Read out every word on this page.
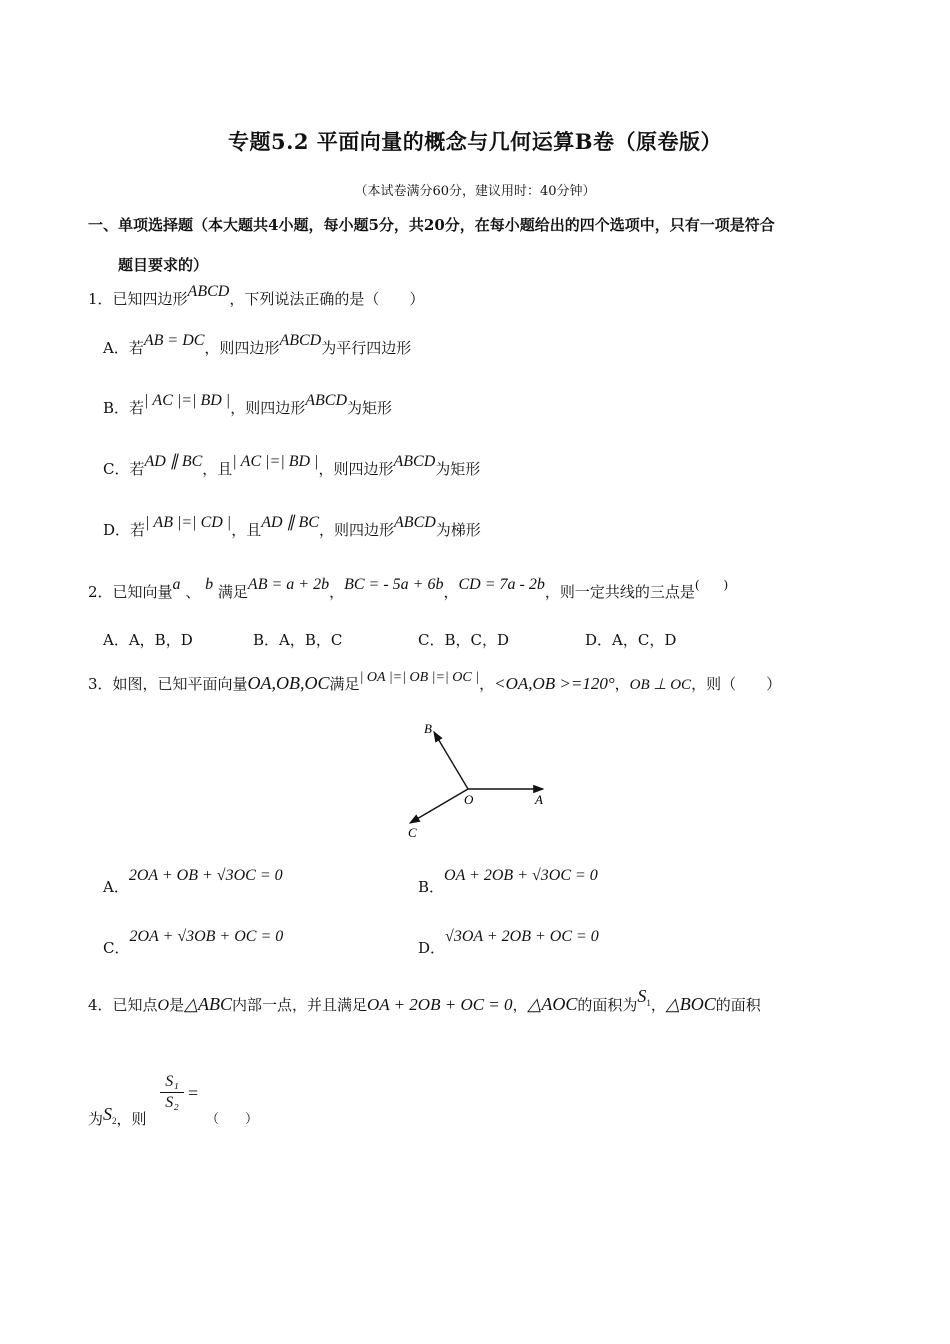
专题5.2 平面向量的概念与几何运算B卷（原卷版）
（本试卷满分60分，建议用时：40分钟）
一、单项选择题（本大题共4小题，每小题5分，共20分，在每小题给出的四个选项中，只有一项是符合
题目要求的）
1．已知四边形ABCD，下列说法正确的是（　　）
A．若AB = DC，则四边形ABCD为平行四边形
B．若| AC |=| BD |，则四边形ABCD为矩形
C．若AD ∥ BC，且| AC |=| BD |，则四边形ABCD为矩形
D．若| AB |=| CD |，且AD ∥ BC，则四边形ABCD为梯形
2．已知向量a 、 b 满足AB = a + 2b，BC = - 5a + 6b，CD = 7a - 2b，则一定共线的三点是(　　)
A．A，B，D	B．A，B，C	C．B，C，D	D．A，C，D
3．如图，已知平面向量OA,OB,OC满足| OA |=| OB |=| OC |，<OA,OB >=120°，OB ⊥ OC，则（　　）
B
O	A
C
A．2OA + OB + √3OC = 0
B．OA + 2OB + √3OC = 0
C．2OA + √3OB + OC = 0
D．√3OA + 2OB + OC = 0
4．已知点O是△ABC内部一点，并且满足OA + 2OB + OC = 0，△AOC的面积为$S^1$，△BOC的面积
为S2，则
S₁
S₂ =
（　　）
